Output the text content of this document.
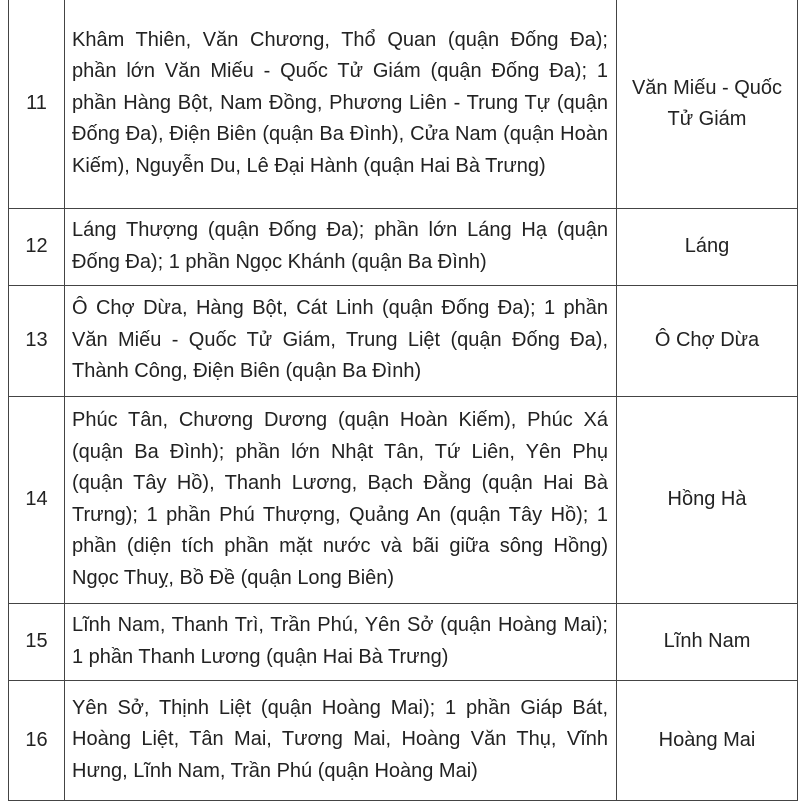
11	Khâm Thiên, Văn Chương, Thổ Quan (quận Đống Đa); phần lớn Văn Miếu - Quốc Tử Giám (quận Đống Đa); 1 phần Hàng Bột, Nam Đồng, Phương Liên - Trung Tự (quận Đống Đa), Điện Biên (quận Ba Đình), Cửa Nam (quận Hoàn Kiếm), Nguyễn Du, Lê Đại Hành (quận Hai Bà Trưng)	Văn Miếu - Quốc Tử Giám
12	Láng Thượng (quận Đống Đa); phần lớn Láng Hạ (quận Đống Đa); 1 phần Ngọc Khánh (quận Ba Đình)	Láng
13	Ô Chợ Dừa, Hàng Bột, Cát Linh (quận Đống Đa); 1 phần Văn Miếu - Quốc Tử Giám, Trung Liệt (quận Đống Đa), Thành Công, Điện Biên (quận Ba Đình)	Ô Chợ Dừa
14	Phúc Tân, Chương Dương (quận Hoàn Kiếm), Phúc Xá (quận Ba Đình); phần lớn Nhật Tân, Tứ Liên, Yên Phụ (quận Tây Hồ), Thanh Lương, Bạch Đằng (quận Hai Bà Trưng); 1 phần Phú Thượng, Quảng An (quận Tây Hồ); 1 phần (diện tích phần mặt nước và bãi giữa sông Hồng) Ngọc Thuỵ, Bồ Đề (quận Long Biên)	Hồng Hà
15	Lĩnh Nam, Thanh Trì, Trần Phú, Yên Sở (quận Hoàng Mai); 1 phần Thanh Lương (quận Hai Bà Trưng)	Lĩnh Nam
16	Yên Sở, Thịnh Liệt (quận Hoàng Mai); 1 phần Giáp Bát, Hoàng Liệt, Tân Mai, Tương Mai, Hoàng Văn Thụ, Vĩnh Hưng, Lĩnh Nam, Trần Phú (quận Hoàng Mai)	Hoàng Mai
